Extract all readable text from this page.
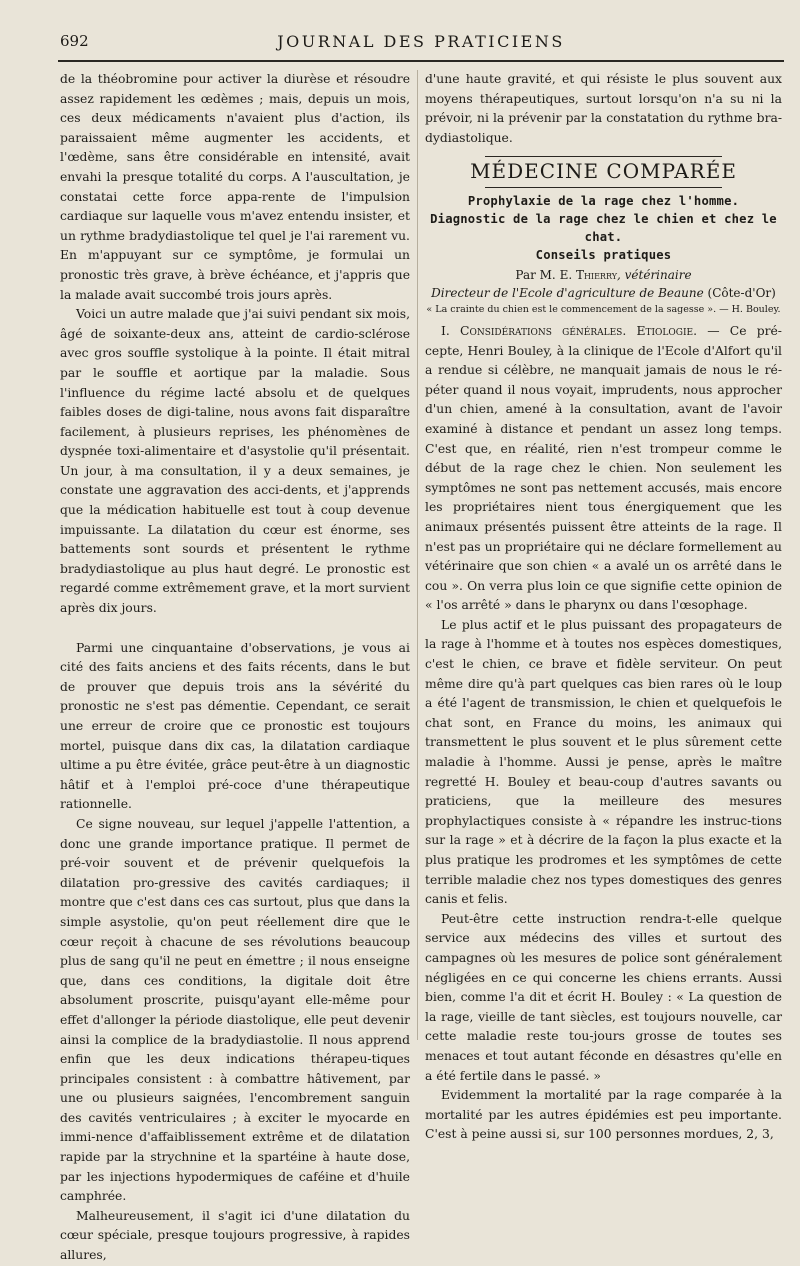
692	JOURNAL DES PRATICIENS

de la théobromine pour activer la diurèse et résoudre assez rapidement les œdèmes ; mais, depuis un mois, ces deux médicaments n'avaient plus d'action, ils paraissaient même augmenter les accidents, et l'œdème, sans être considérable en intensité, avait envahi la presque totalité du corps. A l'auscultation, je constatai cette force appa-rente de l'impulsion cardiaque sur laquelle vous m'avez entendu insister, et un rythme bradydiastolique tel quel je l'ai rarement vu. En m'appuyant sur ce symptôme, je formulai un pronostic très grave, à brève échéance, et j'appris que la malade avait succombé trois jours après.

Voici un autre malade que j'ai suivi pendant six mois, âgé de soixante-deux ans, atteint de cardio-sclérose avec gros souffle systolique à la pointe. Il était mitral par le souffle et aortique par la maladie. Sous l'influence du régime lacté absolu et de quelques faibles doses de digi-taline, nous avons fait disparaître facilement, à plusieurs reprises, les phénomènes de dyspnée toxi-alimentaire et d'asystolie qu'il présentait. Un jour, à ma consultation, il y a deux semaines, je constate une aggravation des acci-dents, et j'apprends que la médication habituelle est tout à coup devenue impuissante. La dilatation du cœur est énorme, ses battements sont sourds et présentent le rythme bradydiastolique au plus haut degré. Le pronostic est regardé comme extrêmement grave, et la mort survient après dix jours.

Parmi une cinquantaine d'observations, je vous ai cité des faits anciens et des faits récents, dans le but de prouver que depuis trois ans la sévérité du pronostic ne s'est pas démentie. Cependant, ce serait une erreur de croire que ce pronostic est toujours mortel, puisque dans dix cas, la dilatation cardiaque ultime a pu être évitée, grâce peut-être à un diagnostic hâtif et à l'emploi pré-coce d'une thérapeutique rationnelle.

Ce signe nouveau, sur lequel j'appelle l'attention, a donc une grande importance pratique. Il permet de pré-voir souvent et de prévenir quelquefois la dilatation pro-gressive des cavités cardiaques; il montre que c'est dans ces cas surtout, plus que dans la simple asystolie, qu'on peut réellement dire que le cœur reçoit à chacune de ses révolutions beaucoup plus de sang qu'il ne peut en émettre ; il nous enseigne que, dans ces conditions, la digitale doit être absolument proscrite, puisqu'ayant elle-même pour effet d'allonger la période diastolique, elle peut devenir ainsi la complice de la bradydiastolie. Il nous apprend enfin que les deux indications thérapeu-tiques principales consistent : à combattre hâtivement, par une ou plusieurs saignées, l'encombrement sanguin des cavités ventriculaires ; à exciter le myocarde en immi-nence d'affaiblissement extrême et de dilatation rapide par la strychnine et la spartéine à haute dose, par les injections hypodermiques de caféine et d'huile camphrée.

Malheureusement, il s'agit ici d'une dilatation du cœur spéciale, presque toujours progressive, à rapides allures,

d'une haute gravité, et qui résiste le plus souvent aux moyens thérapeutiques, surtout lorsqu'on n'a su ni la prévoir, ni la prévenir par la constatation du rythme bra-dydiastolique.

MÉDECINE COMPARÉE
Prophylaxie de la rage chez l'homme.
Diagnostic de la rage chez le chien et chez le chat.
Conseils pratiques
Par M. E. Thierry, vétérinaire
Directeur de l'Ecole d'agriculture de Beaune (Côte-d'Or)
« La crainte du chien est le commencement de la sagesse ». — H. Bouley.

I. Considérations générales. Etiologie. — Ce pré-cepte, Henri Bouley, à la clinique de l'Ecole d'Alfort qu'il a rendue si célèbre, ne manquait jamais de nous le ré-péter quand il nous voyait, imprudents, nous approcher d'un chien, amené à la consultation, avant de l'avoir examiné à distance et pendant un assez long temps. C'est que, en réalité, rien n'est trompeur comme le début de la rage chez le chien. Non seulement les symptômes ne sont pas nettement accusés, mais encore les propriétaires nient tous énergiquement que les animaux présentés puissent être atteints de la rage. Il n'est pas un propriétaire qui ne déclare formellement au vétérinaire que son chien « a avalé un os arrêté dans le cou ». On verra plus loin ce que signifie cette opinion de « l'os arrêté » dans le pharynx ou dans l'œsophage.

Le plus actif et le plus puissant des propagateurs de la rage à l'homme et à toutes nos espèces domestiques, c'est le chien, ce brave et fidèle serviteur. On peut même dire qu'à part quelques cas bien rares où le loup a été l'agent de transmission, le chien et quelquefois le chat sont, en France du moins, les animaux qui transmettent le plus souvent et le plus sûrement cette maladie à l'homme. Aussi je pense, après le maître regretté H. Bouley et beau-coup d'autres savants ou praticiens, que la meilleure des mesures prophylactiques consiste à « répandre les instruc-tions sur la rage » et à décrire de la façon la plus exacte et la plus pratique les prodromes et les symptômes de cette terrible maladie chez nos types domestiques des genres canis et felis.

Peut-être cette instruction rendra-t-elle quelque service aux médecins des villes et surtout des campagnes où les mesures de police sont généralement négligées en ce qui concerne les chiens errants. Aussi bien, comme l'a dit et écrit H. Bouley : « La question de la rage, vieille de tant siècles, est toujours nouvelle, car cette maladie reste tou-jours grosse de toutes ses menaces et tout autant féconde en désastres qu'elle en a été fertile dans le passé. »

Evidemment la mortalité par la rage comparée à la mortalité par les autres épidémies est peu importante. C'est à peine aussi si, sur 100 personnes mordues, 2, 3,
